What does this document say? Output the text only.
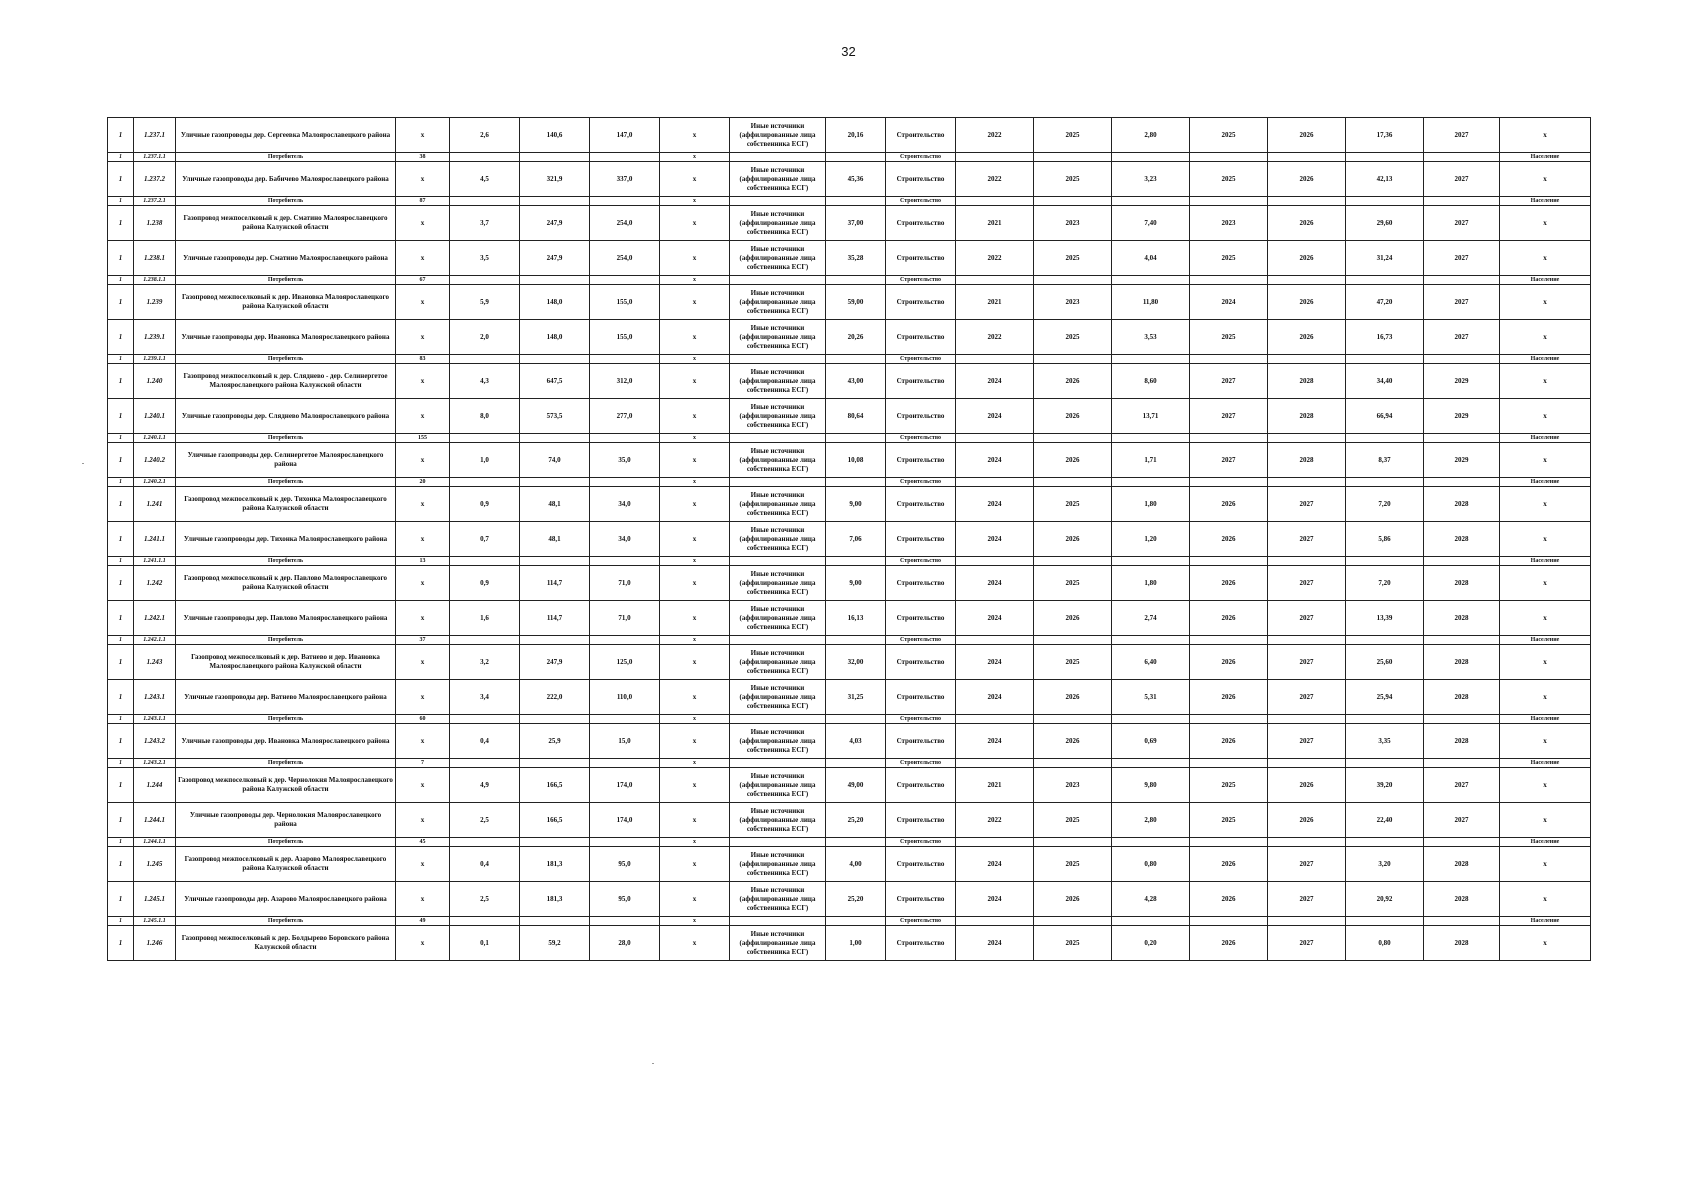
32
1	1.237.1	Уличные газопроводы дер. Сергеевка Малоярославецкого района	x	2,6	140,6	147,0	x	Иные источники (аффилированные лица собственника ЕСГ)	20,16	Строительство	2022	2025	2,80	2025	2026	17,36	2027	x
1	1.237.1.1	Потребитель	38				x			Строительство								Население
1	1.237.2	Уличные газопроводы дер. Бабичево Малоярославецкого района	x	4,5	321,9	337,0	x	Иные источники (аффилированные лица собственника ЕСГ)	45,36	Строительство	2022	2025	3,23	2025	2026	42,13	2027	x
1	1.237.2.1	Потребитель	87				x			Строительство								Население
1	1.238	Газопровод межпоселковый к дер. Сматино Малоярославецкого района Калужской области	x	3,7	247,9	254,0	x	Иные источники (аффилированные лица собственника ЕСГ)	37,00	Строительство	2021	2023	7,40	2023	2026	29,60	2027	x
1	1.238.1	Уличные газопроводы дер. Сматино Малоярославецкого района	x	3,5	247,9	254,0	x	Иные источники (аффилированные лица собственника ЕСГ)	35,28	Строительство	2022	2025	4,04	2025	2026	31,24	2027	x
1	1.238.1.1	Потребитель	67				x			Строительство								Население
1	1.239	Газопровод межпоселковый к дер. Ивановка Малоярославецкого района Калужской области	x	5,9	148,0	155,0	x	Иные источники (аффилированные лица собственника ЕСГ)	59,00	Строительство	2021	2023	11,80	2024	2026	47,20	2027	x
1	1.239.1	Уличные газопроводы дер. Ивановка Малоярославецкого района	x	2,0	148,0	155,0	x	Иные источники (аффилированные лица собственника ЕСГ)	20,26	Строительство	2022	2025	3,53	2025	2026	16,73	2027	x
1	1.239.1.1	Потребитель	83				x			Строительство								Население
1	1.240	Газопровод межпоселковый к дер. Сляднево - дер. Селинергетое Малоярославецкого района Калужской области	x	4,3	647,5	312,0	x	Иные источники (аффилированные лица собственника ЕСГ)	43,00	Строительство	2024	2026	8,60	2027	2028	34,40	2029	x
1	1.240.1	Уличные газопроводы дер. Сляднево Малоярославецкого района	x	8,0	573,5	277,0	x	Иные источники (аффилированные лица собственника ЕСГ)	80,64	Строительство	2024	2026	13,71	2027	2028	66,94	2029	x
1	1.240.1.1	Потребитель	155				x			Строительство								Население
1	1.240.2	Уличные газопроводы дер. Селинергетое Малоярославецкого района	x	1,0	74,0	35,0	x	Иные источники (аффилированные лица собственника ЕСГ)	10,08	Строительство	2024	2026	1,71	2027	2028	8,37	2029	x
1	1.240.2.1	Потребитель	20				x			Строительство								Население
1	1.241	Газопровод межпоселковый к дер. Тихонка Малоярославецкого района Калужской области	x	0,9	48,1	34,0	x	Иные источники (аффилированные лица собственника ЕСГ)	9,00	Строительство	2024	2025	1,80	2026	2027	7,20	2028	x
1	1.241.1	Уличные газопроводы дер. Тихонка Малоярославецкого района	x	0,7	48,1	34,0	x	Иные источники (аффилированные лица собственника ЕСГ)	7,06	Строительство	2024	2026	1,20	2026	2027	5,86	2028	x
1	1.241.1.1	Потребитель	13				x			Строительство								Население
1	1.242	Газопровод межпоселковый к дер. Павлово Малоярославецкого района Калужской области	x	0,9	114,7	71,0	x	Иные источники (аффилированные лица собственника ЕСГ)	9,00	Строительство	2024	2025	1,80	2026	2027	7,20	2028	x
1	1.242.1	Уличные газопроводы дер. Павлово Малоярославецкого района	x	1,6	114,7	71,0	x	Иные источники (аффилированные лица собственника ЕСГ)	16,13	Строительство	2024	2026	2,74	2026	2027	13,39	2028	x
1	1.242.1.1	Потребитель	37				x			Строительство								Население
1	1.243	Газопровод межпоселковый к дер. Ватнево и дер. Ивановка Малоярославецкого района Калужской области	x	3,2	247,9	125,0	x	Иные источники (аффилированные лица собственника ЕСГ)	32,00	Строительство	2024	2025	6,40	2026	2027	25,60	2028	x
1	1.243.1	Уличные газопроводы дер. Ватнево Малоярославецкого района	x	3,4	222,0	110,0	x	Иные источники (аффилированные лица собственника ЕСГ)	31,25	Строительство	2024	2026	5,31	2026	2027	25,94	2028	x
1	1.243.1.1	Потребитель	60				x			Строительство								Население
1	1.243.2	Уличные газопроводы дер. Ивановка Малоярославецкого района	x	0,4	25,9	15,0	x	Иные источники (аффилированные лица собственника ЕСГ)	4,03	Строительство	2024	2026	0,69	2026	2027	3,35	2028	x
1	1.243.2.1	Потребитель	7				x			Строительство								Население
1	1.244	Газопровод межпоселковый к дер. Чернолокня Малоярославецкого района Калужской области	x	4,9	166,5	174,0	x	Иные источники (аффилированные лица собственника ЕСГ)	49,00	Строительство	2021	2023	9,80	2025	2026	39,20	2027	x
1	1.244.1	Уличные газопроводы дер. Чернолокня Малоярославецкого района	x	2,5	166,5	174,0	x	Иные источники (аффилированные лица собственника ЕСГ)	25,20	Строительство	2022	2025	2,80	2025	2026	22,40	2027	x
1	1.244.1.1	Потребитель	45				x			Строительство								Население
1	1.245	Газопровод межпоселковый к дер. Азарово Малоярославецкого района Калужской области	x	0,4	181,3	95,0	x	Иные источники (аффилированные лица собственника ЕСГ)	4,00	Строительство	2024	2025	0,80	2026	2027	3,20	2028	x
1	1.245.1	Уличные газопроводы дер. Азарово Малоярославецкого района	x	2,5	181,3	95,0	x	Иные источники (аффилированные лица собственника ЕСГ)	25,20	Строительство	2024	2026	4,28	2026	2027	20,92	2028	x
1	1.245.1.1	Потребитель	49				x			Строительство								Население
1	1.246	Газопровод межпоселковый к дер. Болдырево Боровского района Калужской области	x	0,1	59,2	28,0	x	Иные источники (аффилированные лица собственника ЕСГ)	1,00	Строительство	2024	2025	0,20	2026	2027	0,80	2028	x
